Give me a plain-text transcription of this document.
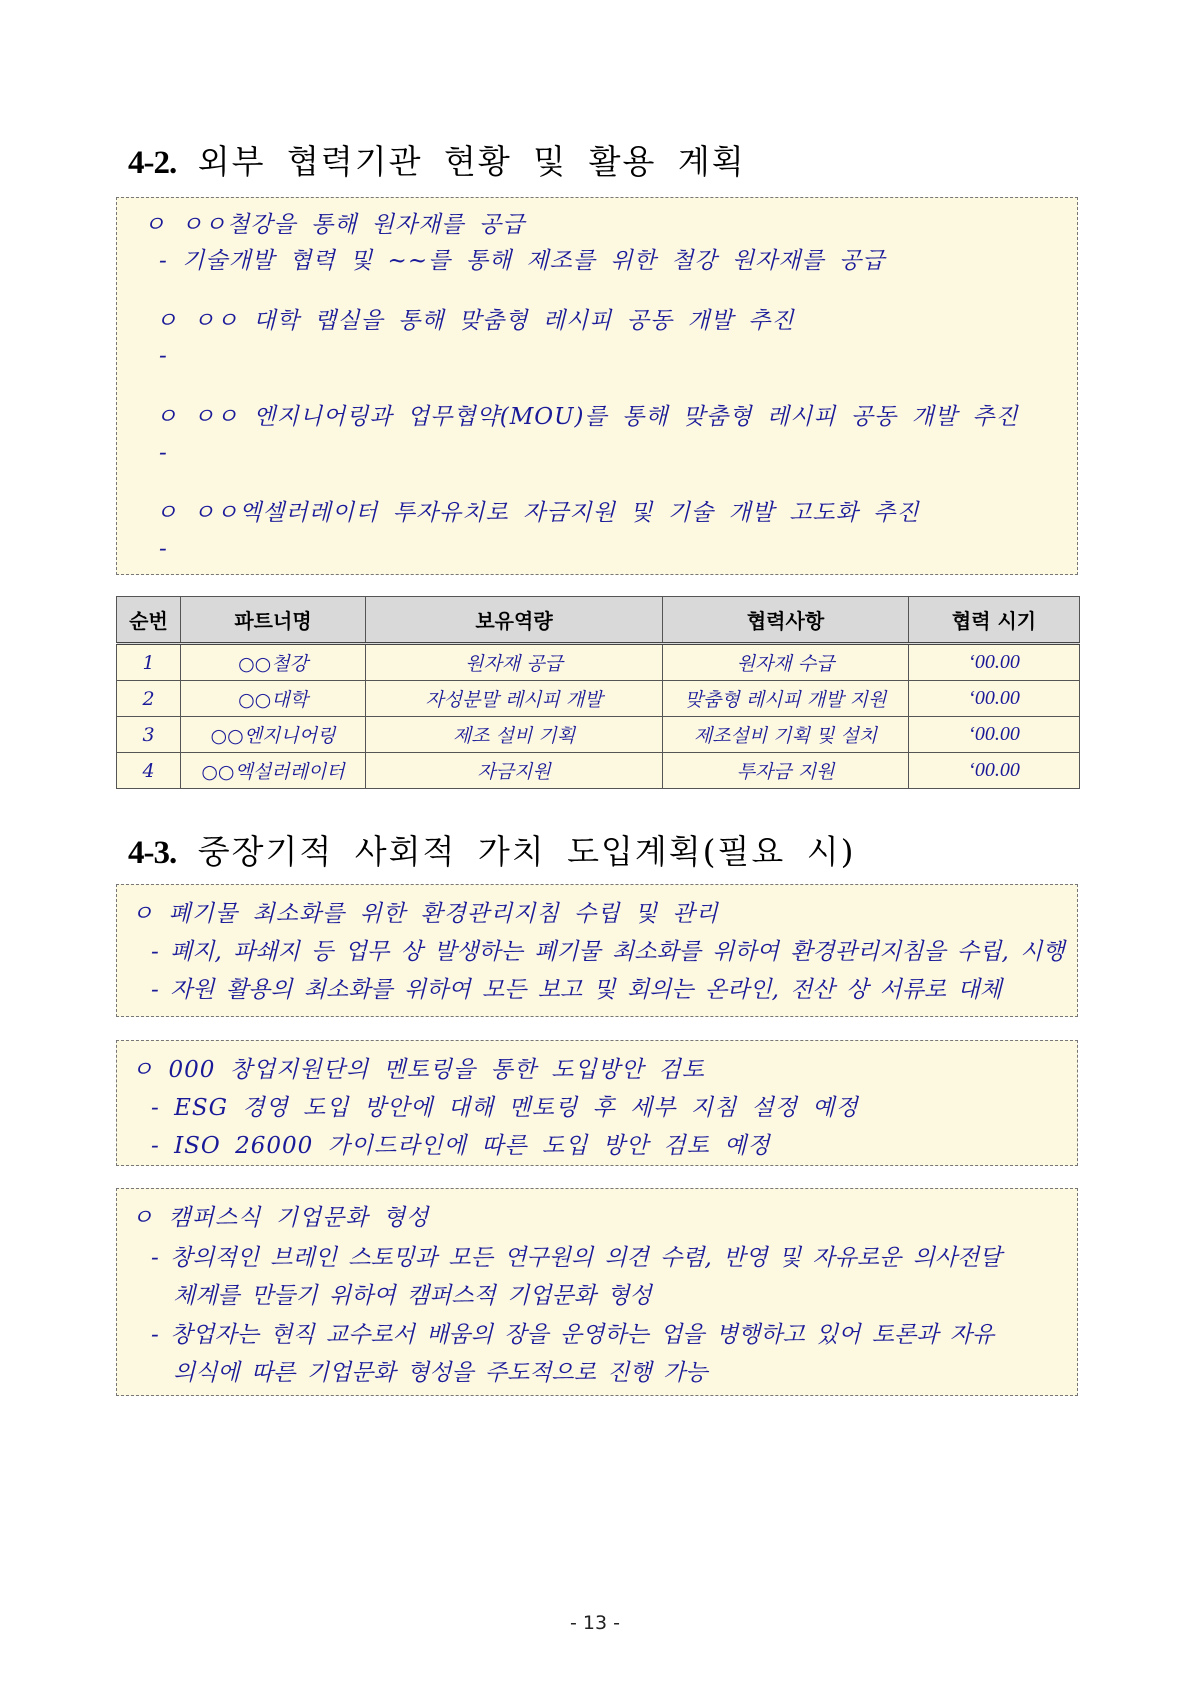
4-2. 외부 협력기관 현황 및 활용 계획
ㅇ ㅇㅇ철강을 통해 원자재를 공급
- 기술개발 협력 및 ~~를 통해 제조를 위한 철강 원자재를 공급
ㅇ ㅇㅇ 대학 랩실을 통해 맞춤형 레시피 공동 개발 추진
-
ㅇ ㅇㅇ 엔지니어링과 업무협약(MOU)를 통해 맞춤형 레시피 공동 개발 추진
-
ㅇ ㅇㅇ엑셀러레이터 투자유치로 자금지원 및 기술 개발 고도화 추진
-
순번	파트너명	보유역량	협력사항	협력 시기
1	○○철강	원자재 공급	원자재 수급	‘00.00
2	○○대학	자성분말 레시피 개발	맞춤형 레시피 개발 지원	‘00.00
3	○○엔지니어링	제조 설비 기획	제조설비 기획 및 설치	‘00.00
4	○○엑설러레이터	자금지원	투자금 지원	‘00.00
4-3. 중장기적 사회적 가치 도입계획(필요 시)
ㅇ 폐기물 최소화를 위한 환경관리지침 수립 및 관리
- 폐지, 파쇄지 등 업무 상 발생하는 폐기물 최소화를 위하여 환경관리지침을 수립, 시행
- 자원 활용의 최소화를 위하여 모든 보고 및 회의는 온라인, 전산 상 서류로 대체
ㅇ 000 창업지원단의 멘토링을 통한 도입방안 검토
- ESG 경영 도입 방안에 대해 멘토링 후 세부 지침 설정 예정
- ISO 26000 가이드라인에 따른 도입 방안 검토 예정
ㅇ 캠퍼스식 기업문화 형성
- 창의적인 브레인 스토밍과 모든 연구원의 의견 수렴, 반영 및 자유로운 의사전달
체계를 만들기 위하여 캠퍼스적 기업문화 형성
- 창업자는 현직 교수로서 배움의 장을 운영하는 업을 병행하고 있어 토론과 자유
의식에 따른 기업문화 형성을 주도적으로 진행 가능
- 13 -
